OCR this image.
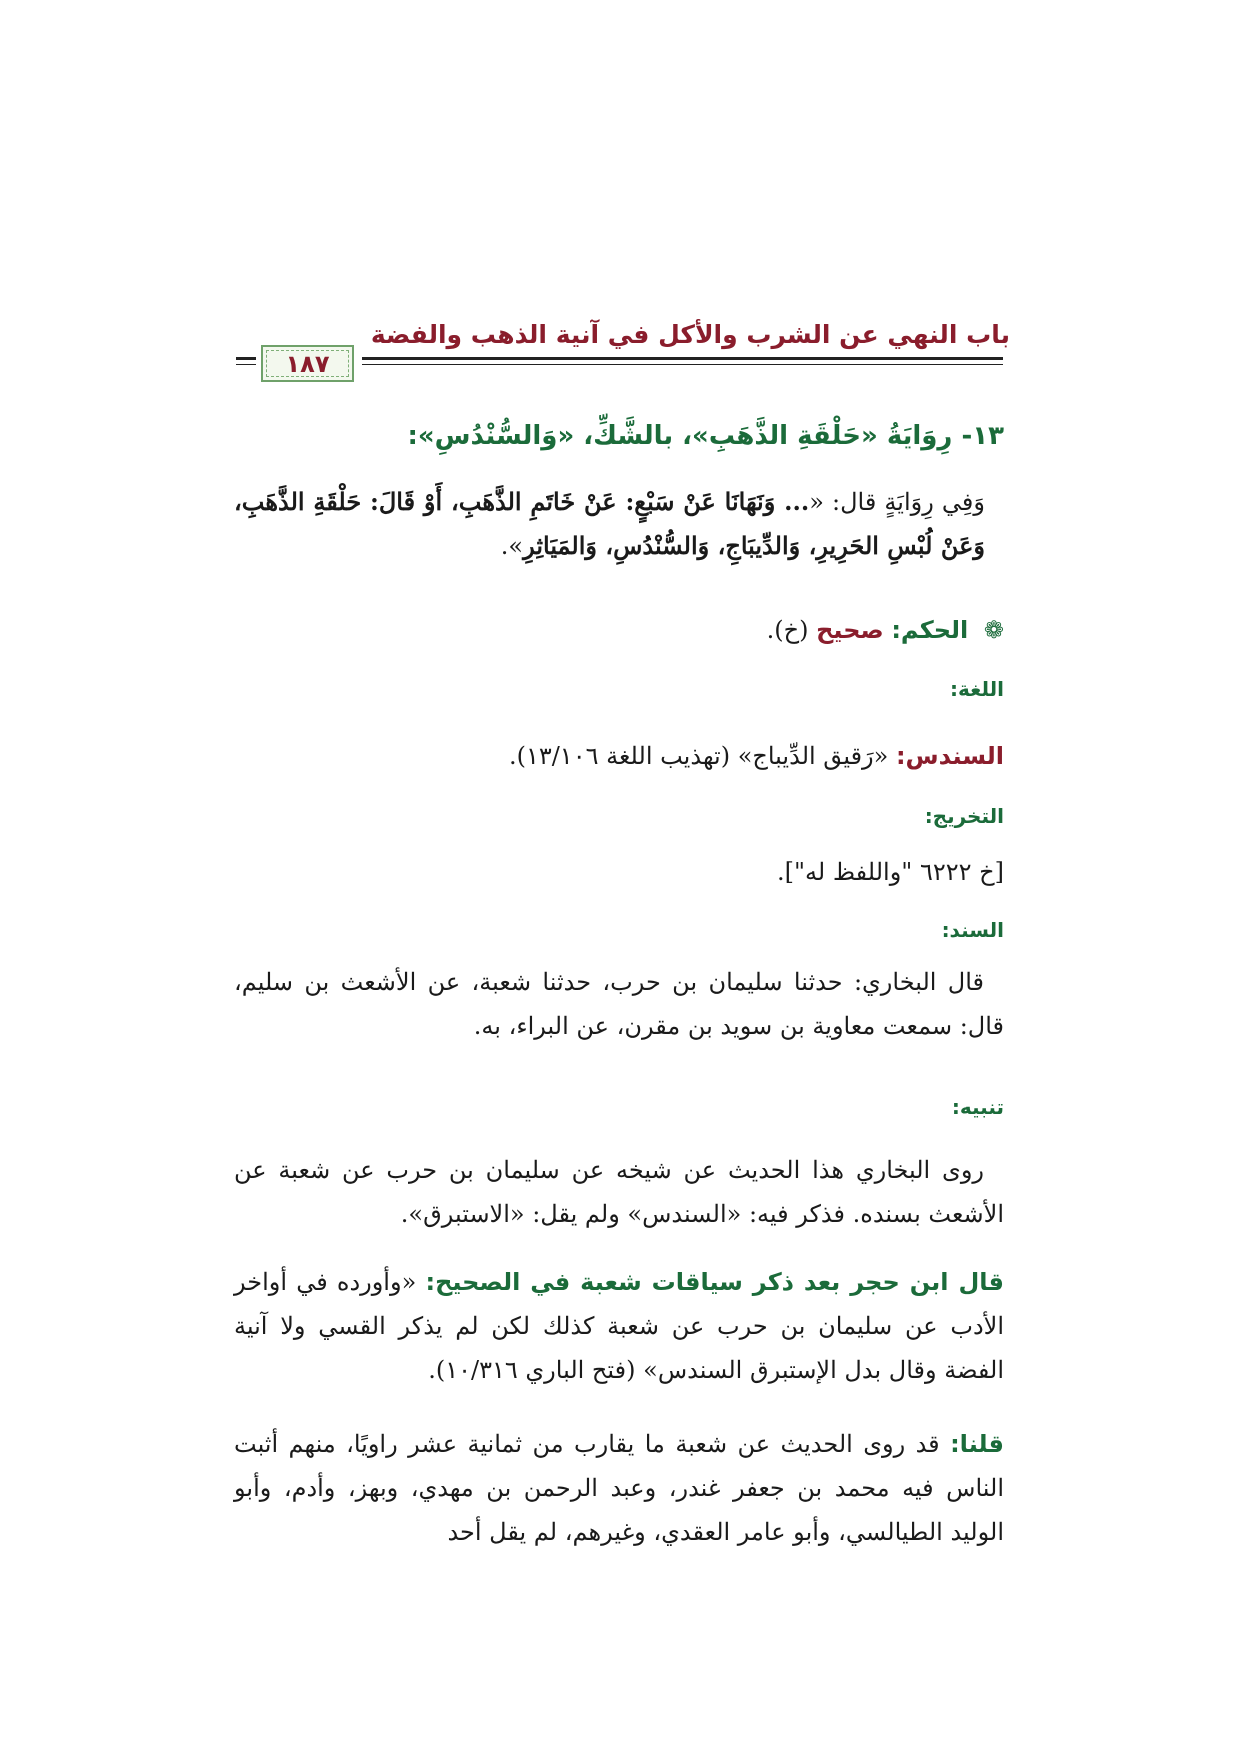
باب النهي عن الشرب والأكل في آنية الذهب والفضة
١٨٧
١٣- رِوَايَةُ «حَلْقَةِ الذَّهَبِ»، بالشَّكِّ، «وَالسُّنْدُسِ»:
وَفِي رِوَايَةٍ قال: «... وَنَهَانَا عَنْ سَبْعٍ: عَنْ خَاتَمِ الذَّهَبِ، أَوْ قَالَ: حَلْقَةِ الذَّهَبِ، وَعَنْ لُبْسِ الحَرِيرِ، وَالدِّيبَاجِ، وَالسُّنْدُسِ، وَالمَيَاثِرِ».
❁ الحكم: صحيح (خ).
اللغة:
السندس: «رَقيق الدِّيباج» (تهذيب اللغة ١٣/١٠٦).
التخريج:
[خ ٦٢٢٢ "واللفظ له"].
السند:
قال البخاري: حدثنا سليمان بن حرب، حدثنا شعبة، عن الأشعث بن سليم، قال: سمعت معاوية بن سويد بن مقرن، عن البراء، به.
تنبيه:
روى البخاري هذا الحديث عن شيخه عن سليمان بن حرب عن شعبة عن الأشعث بسنده. فذكر فيه: «السندس» ولم يقل: «الاستبرق».
قال ابن حجر بعد ذكر سياقات شعبة في الصحيح: «وأورده في أواخر الأدب عن سليمان بن حرب عن شعبة كذلك لكن لم يذكر القسي ولا آنية الفضة وقال بدل الإستبرق السندس» (فتح الباري ١٠/٣١٦).
قلنا: قد روى الحديث عن شعبة ما يقارب من ثمانية عشر راويًا، منهم أثبت الناس فيه محمد بن جعفر غندر، وعبد الرحمن بن مهدي، وبهز، وأدم، وأبو الوليد الطيالسي، وأبو عامر العقدي، وغيرهم، لم يقل أحد
